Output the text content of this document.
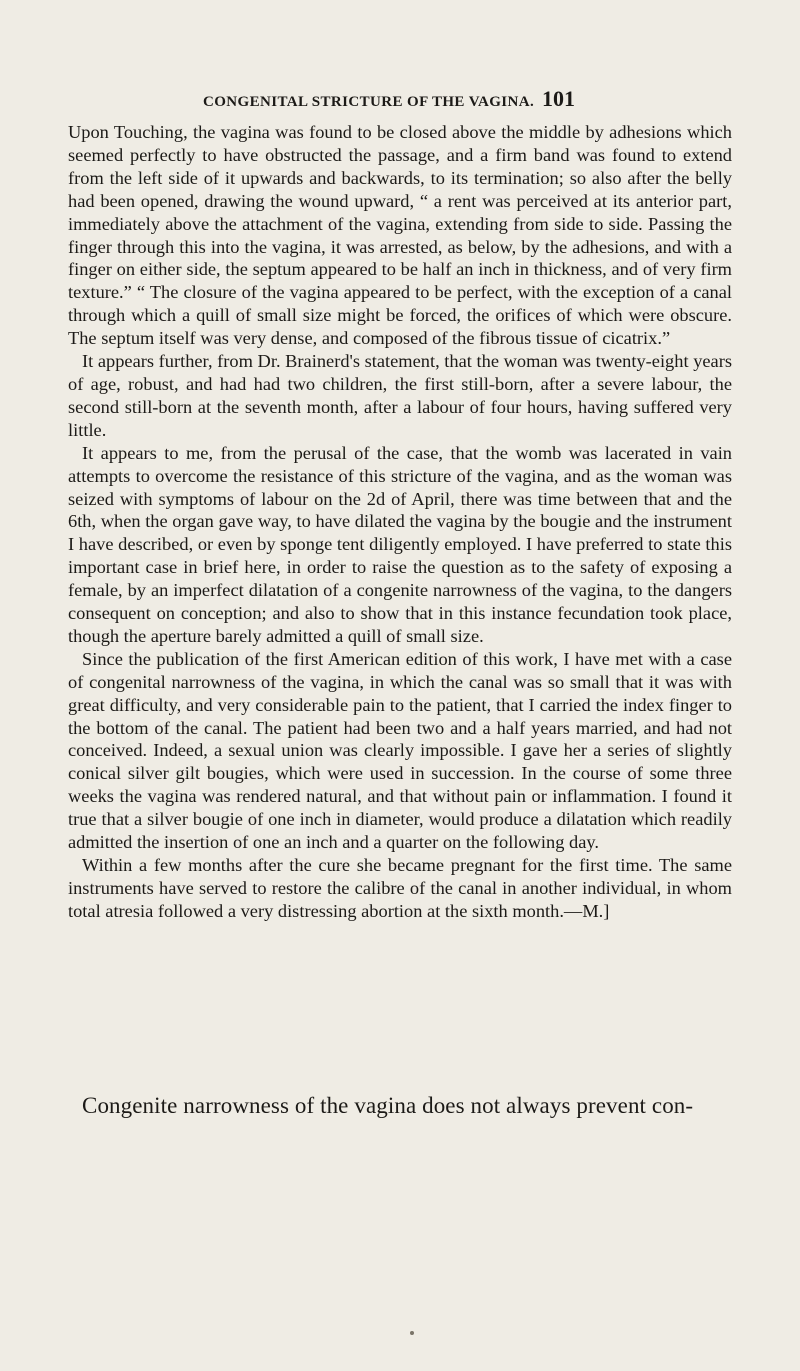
CONGENITAL STRICTURE OF THE VAGINA. 101

Upon Touching, the vagina was found to be closed above the middle by adhesions which seemed perfectly to have obstructed the passage, and a firm band was found to extend from the left side of it upwards and backwards, to its termination; so also after the belly had been opened, drawing the wound upward, “ a rent was perceived at its anterior part, immediately above the attachment of the vagina, extending from side to side. Passing the finger through this into the vagina, it was arrested, as below, by the adhesions, and with a finger on either side, the septum appeared to be half an inch in thickness, and of very firm texture.” “ The closure of the vagina appeared to be perfect, with the exception of a canal through which a quill of small size might be forced, the orifices of which were obscure. The septum itself was very dense, and composed of the fibrous tissue of cicatrix.”

It appears further, from Dr. Brainerd's statement, that the woman was twenty-eight years of age, robust, and had had two children, the first still-born, after a severe labour, the second still-born at the seventh month, after a labour of four hours, having suffered very little.

It appears to me, from the perusal of the case, that the womb was lacerated in vain attempts to overcome the resistance of this stricture of the vagina, and as the woman was seized with symptoms of labour on the 2d of April, there was time between that and the 6th, when the organ gave way, to have dilated the vagina by the bougie and the instrument I have described, or even by sponge tent diligently employed. I have preferred to state this important case in brief here, in order to raise the question as to the safety of exposing a female, by an imperfect dilatation of a congenite narrowness of the vagina, to the dangers consequent on conception; and also to show that in this instance fecundation took place, though the aperture barely admitted a quill of small size.

Since the publication of the first American edition of this work, I have met with a case of congenital narrowness of the vagina, in which the canal was so small that it was with great difficulty, and very considerable pain to the patient, that I carried the index finger to the bottom of the canal. The patient had been two and a half years married, and had not conceived. Indeed, a sexual union was clearly impossible. I gave her a series of slightly conical silver gilt bougies, which were used in succession. In the course of some three weeks the vagina was rendered natural, and that without pain or inflammation. I found it true that a silver bougie of one inch in diameter, would produce a dilatation which readily admitted the insertion of one an inch and a quarter on the following day.

Within a few months after the cure she became pregnant for the first time. The same instruments have served to restore the calibre of the canal in another individual, in whom total atresia followed a very distressing abortion at the sixth month.—M.]

Congenite narrowness of the vagina does not always prevent con-
